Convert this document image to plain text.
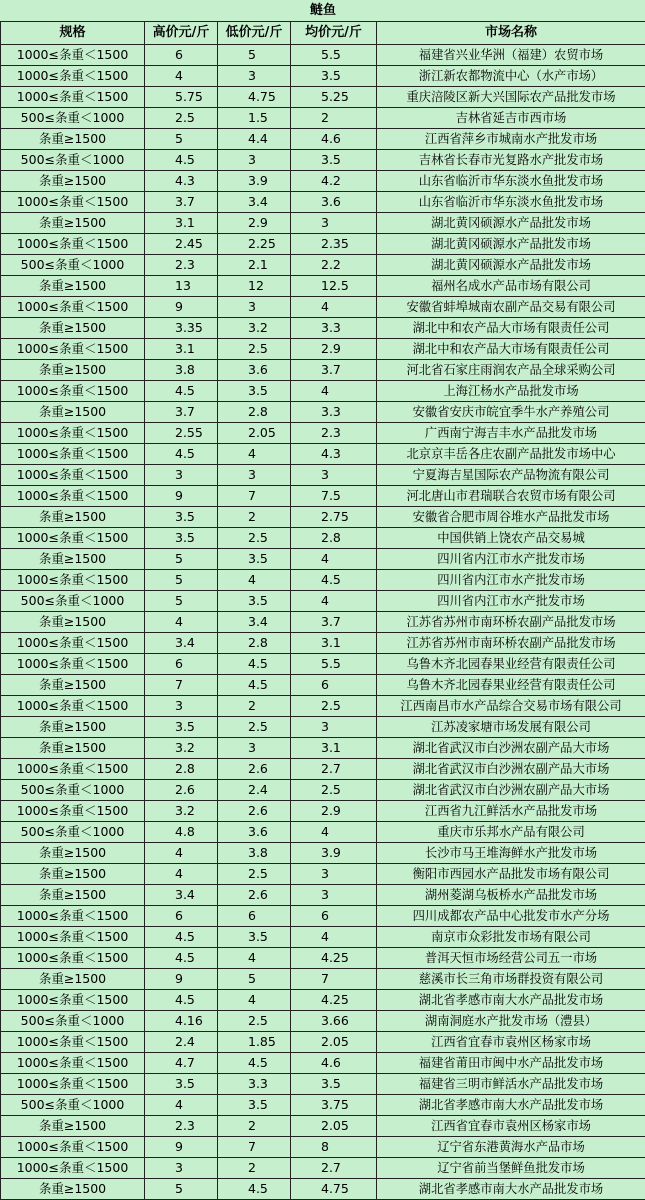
鲢鱼				
规格	高价元/斤	低价元/斤	均价元/斤	市场名称
1000≤条重＜1500	6	5	5.5	福建省兴业华洲（福建）农贸市场
1000≤条重＜1500	4	3	3.5	浙江新农都物流中心（水产市场）
1000≤条重＜1500	5.75	4.75	5.25	重庆涪陵区新大兴国际农产品批发市场
500≤条重＜1000	2.5	1.5	2	吉林省延吉市西市场
条重≥1500	5	4.4	4.6	江西省萍乡市城南水产批发市场
500≤条重＜1000	4.5	3	3.5	吉林省长春市光复路水产批发市场
条重≥1500	4.3	3.9	4.2	山东省临沂市华东淡水鱼批发市场
1000≤条重＜1500	3.7	3.4	3.6	山东省临沂市华东淡水鱼批发市场
条重≥1500	3.1	2.9	3	湖北黄冈硕源水产品批发市场
1000≤条重＜1500	2.45	2.25	2.35	湖北黄冈硕源水产品批发市场
500≤条重＜1000	2.3	2.1	2.2	湖北黄冈硕源水产品批发市场
条重≥1500	13	12	12.5	福州名成水产品市场有限公司
1000≤条重＜1500	9	3	4	安徽省蚌埠城南农副产品交易有限公司
条重≥1500	3.35	3.2	3.3	湖北中和农产品大市场有限责任公司
1000≤条重＜1500	3.1	2.5	2.9	湖北中和农产品大市场有限责任公司
条重≥1500	3.8	3.6	3.7	河北省石家庄雨润农产品全球采购公司
1000≤条重＜1500	4.5	3.5	4	上海江杨水产品批发市场
条重≥1500	3.7	2.8	3.3	安徽省安庆市皖宜季牛水产养殖公司
1000≤条重＜1500	2.55	2.05	2.3	广西南宁海吉丰水产品批发市场
1000≤条重＜1500	4.5	4	4.3	北京京丰岳各庄农副产品批发市场中心
1000≤条重＜1500	3	3	3	宁夏海吉星国际农产品物流有限公司
1000≤条重＜1500	9	7	7.5	河北唐山市君瑞联合农贸市场有限公司
条重≥1500	3.5	2	2.75	安徽省合肥市周谷堆水产品批发市场
1000≤条重＜1500	3.5	2.5	2.8	中国供销上饶农产品交易城
条重≥1500	5	3.5	4	四川省内江市水产批发市场
1000≤条重＜1500	5	4	4.5	四川省内江市水产批发市场
500≤条重＜1000	5	3.5	4	四川省内江市水产批发市场
条重≥1500	4	3.4	3.7	江苏省苏州市南环桥农副产品批发市场
1000≤条重＜1500	3.4	2.8	3.1	江苏省苏州市南环桥农副产品批发市场
1000≤条重＜1500	6	4.5	5.5	乌鲁木齐北园春果业经营有限责任公司
条重≥1500	7	4.5	6	乌鲁木齐北园春果业经营有限责任公司
1000≤条重＜1500	3	2	2.5	江西南昌市水产品综合交易市场有限公司
条重≥1500	3.5	2.5	3	江苏凌家塘市场发展有限公司
条重≥1500	3.2	3	3.1	湖北省武汉市白沙洲农副产品大市场
1000≤条重＜1500	2.8	2.6	2.7	湖北省武汉市白沙洲农副产品大市场
500≤条重＜1000	2.6	2.4	2.5	湖北省武汉市白沙洲农副产品大市场
1000≤条重＜1500	3.2	2.6	2.9	江西省九江鲜活水产品批发市场
500≤条重＜1000	4.8	3.6	4	重庆市乐邦水产品有限公司
条重≥1500	4	3.8	3.9	长沙市马王堆海鲜水产批发市场
条重≥1500	4	2.5	3	衡阳市西园水产品批发市场有限公司
条重≥1500	3.4	2.6	3	湖州菱湖乌板桥水产品批发市场
1000≤条重＜1500	6	6	6	四川成都农产品中心批发市水产分场
1000≤条重＜1500	4.5	3.5	4	南京市众彩批发市场有限公司
1000≤条重＜1500	4.5	4	4.25	普洱天恒市场经营公司五一市场
条重≥1500	9	5	7	慈溪市长三角市场群投资有限公司
1000≤条重＜1500	4.5	4	4.25	湖北省孝感市南大水产品批发市场
500≤条重＜1000	4.16	2.5	3.66	湖南洞庭水产批发市场（澧县）
1000≤条重＜1500	2.4	1.85	2.05	江西省宜春市袁州区杨家市场
1000≤条重＜1500	4.7	4.5	4.6	福建省莆田市闽中水产品批发市场
1000≤条重＜1500	3.5	3.3	3.5	福建省三明市鲜活水产品批发市场
500≤条重＜1000	4	3.5	3.75	湖北省孝感市南大水产品批发市场
条重≥1500	2.3	2	2.05	江西省宜春市袁州区杨家市场
1000≤条重＜1500	9	7	8	辽宁省东港黄海水产品市场
1000≤条重＜1500	3	2	2.7	辽宁省前当堡鲜鱼批发市场
条重≥1500	5	4.5	4.75	湖北省孝感市南大水产品批发市场
